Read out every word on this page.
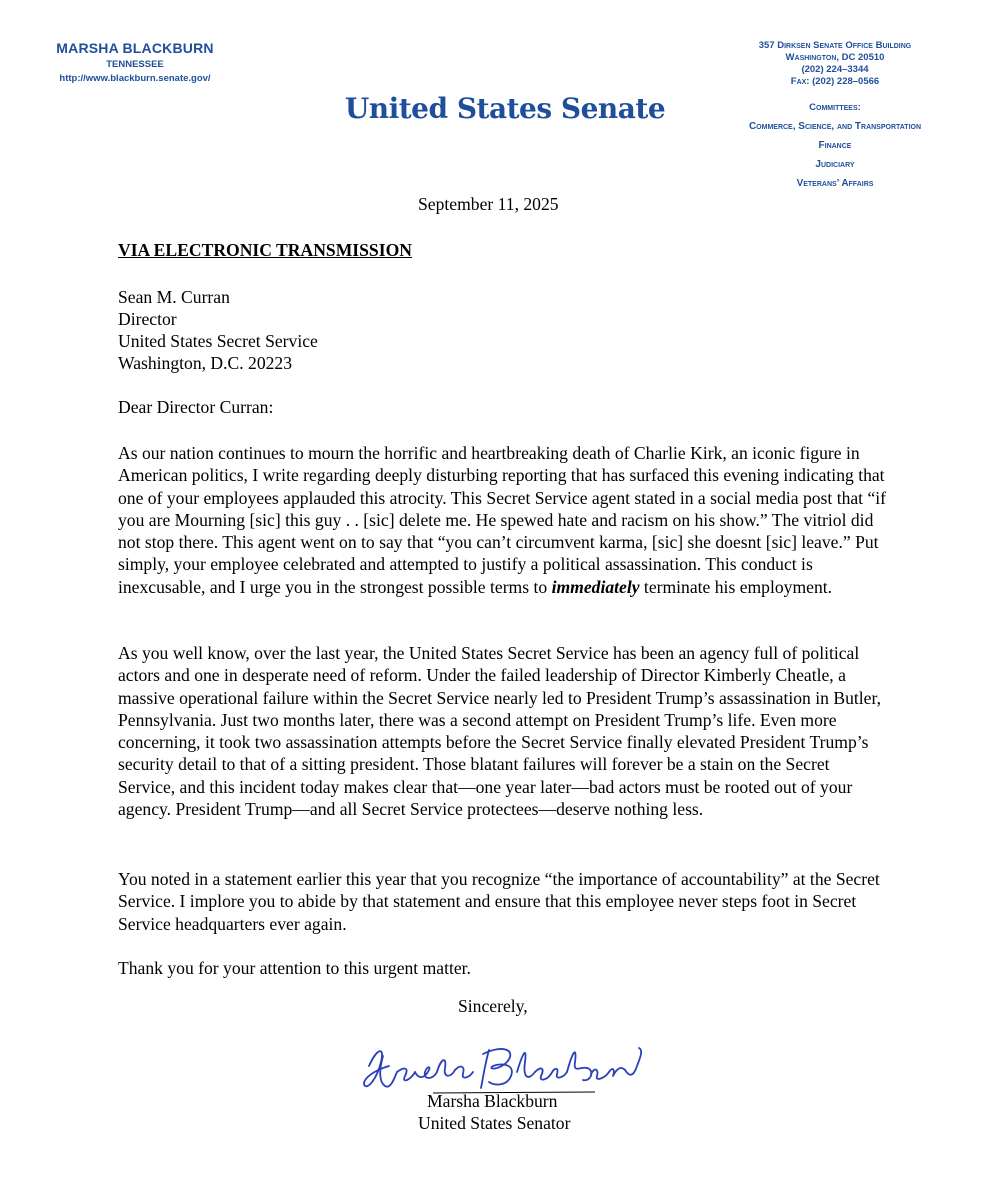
MARSHA BLACKBURN
TENNESSEE
http://www.blackburn.senate.gov/
United States Senate
357 Dirksen Senate Office Building
Washington, DC 20510
(202) 224–3344
Fax: (202) 228–0566
Committees:
Commerce, Science, and Transportation
Finance
Judiciary
Veterans’ Affairs
September 11, 2025
VIA ELECTRONIC TRANSMISSION
Sean M. Curran
Director
United States Secret Service
Washington, D.C. 20223
Dear Director Curran:

As our nation continues to mourn the horrific and heartbreaking death of Charlie Kirk, an iconic figure in American politics, I write regarding deeply disturbing reporting that has surfaced this evening indicating that one of your employees applauded this atrocity. This Secret Service agent stated in a social media post that “if you are Mourning [sic] this guy . . [sic] delete me. He spewed hate and racism on his show.” The vitriol did not stop there. This agent went on to say that “you can’t circumvent karma, [sic] she doesnt [sic] leave.” Put simply, your employee celebrated and attempted to justify a political assassination. This conduct is inexcusable, and I urge you in the strongest possible terms to immediately terminate his employment.

As you well know, over the last year, the United States Secret Service has been an agency full of political actors and one in desperate need of reform. Under the failed leadership of Director Kimberly Cheatle, a massive operational failure within the Secret Service nearly led to President Trump’s assassination in Butler, Pennsylvania. Just two months later, there was a second attempt on President Trump’s life. Even more concerning, it took two assassination attempts before the Secret Service finally elevated President Trump’s security detail to that of a sitting president. Those blatant failures will forever be a stain on the Secret Service, and this incident today makes clear that—one year later—bad actors must be rooted out of your agency. President Trump—and all Secret Service protectees—deserve nothing less.

You noted in a statement earlier this year that you recognize “the importance of accountability” at the Secret Service. I implore you to abide by that statement and ensure that this employee never steps foot in Secret Service headquarters ever again.

Thank you for your attention to this urgent matter.
Sincerely,
Marsha Blackburn
United States Senator
